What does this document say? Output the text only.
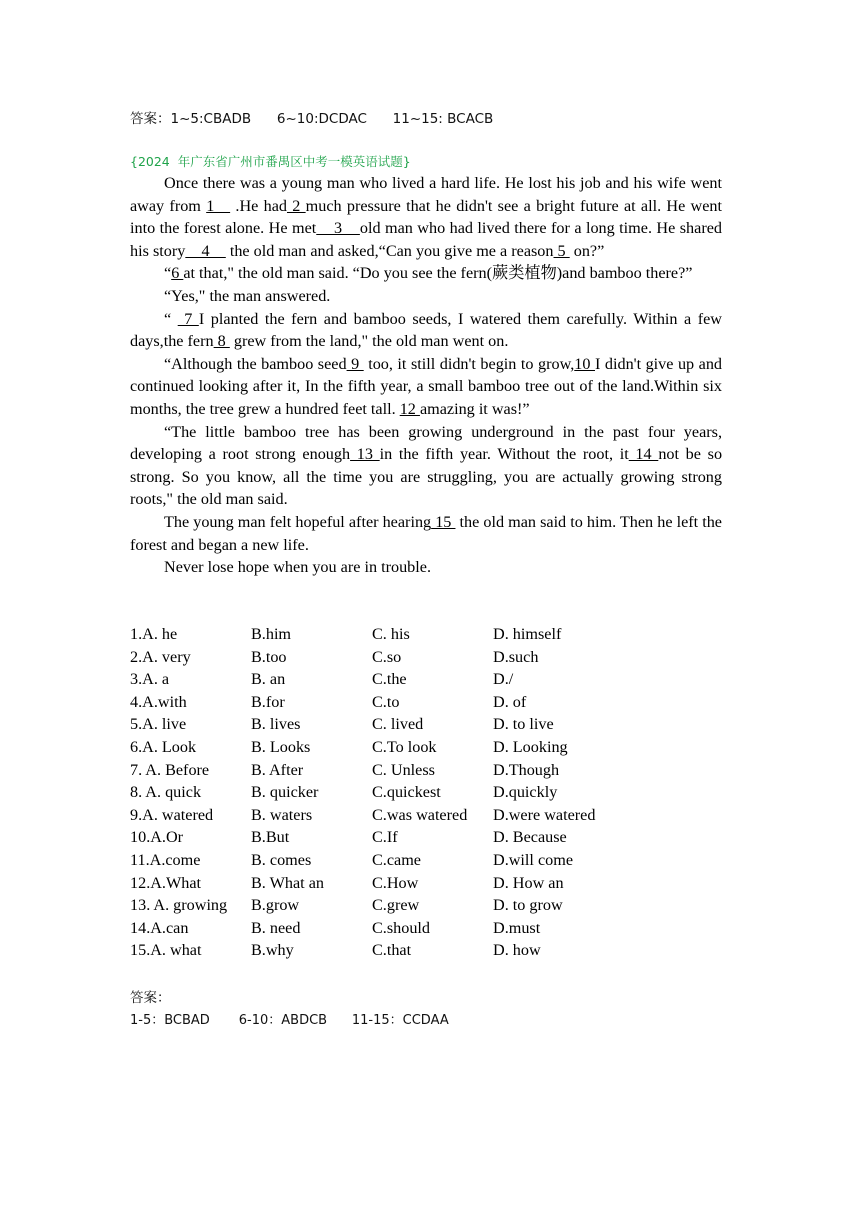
答案：1~5:CBADB      6~10:DCDAC      11~15: BCACB
{2024  年广东省广州市番禺区中考一模英语试题}

Once there was a young man who lived a hard life. He lost his job and his wife went away from 1    .He had 2 much pressure that he didn't see a bright future at all. He went into the forest alone. He met    3    old man who had lived there for a long time. He shared his story    4     the old man and asked,“Can you give me a reason 5  on?”

“6 at that," the old man said. “Do you see the fern(蕨类植物)and bamboo there?”

“Yes," the man answered.

“  7 I planted the fern and bamboo seeds, I watered them carefully. Within a few days,the fern 8  grew from the land," the old man went on.

“Although the bamboo seed 9  too, it still didn't begin to grow,10 I didn't give up and continued looking after it, In the fifth year, a small bamboo tree out of the land.Within six months, the tree grew a hundred feet tall. 12 amazing it was!”

“The little bamboo tree has been growing underground in the past four years, developing a root strong enough 13 in the fifth year. Without the root, it 14 not be so strong. So you know, all the time you are struggling, you are actually growing strong roots," the old man said.

The young man felt hopeful after hearing 15  the old man said to him. Then he left the forest and began a new life.

Never lose hope when you are in trouble.

1.A. he	B.him	C. his	D. himself
2.A. very	B.too	C.so	D.such
3.A. a	B. an	C.the	D./
4.A.with	B.for	C.to	D. of
5.A. live	B. lives	C. lived	D. to live
6.A. Look	B. Looks	C.To look	D. Looking
7. A. Before	B. After	C. Unless	D.Though
8. A. quick	B. quicker	C.quickest	D.quickly
9.A. watered	B. waters	C.was watered	D.were watered
10.A.Or	B.But	C.If	D. Because
11.A.come	B. comes	C.came	D.will come
12.A.What	B. What an	C.How	D. How an
13. A. growing	B.grow	C.grew	D. to grow
14.A.can	B. need	C.should	D.must
15.A. what	B.why	C.that	D. how
答案：
1-5：BCBAD       6-10：ABDCB      11-15：CCDAA
